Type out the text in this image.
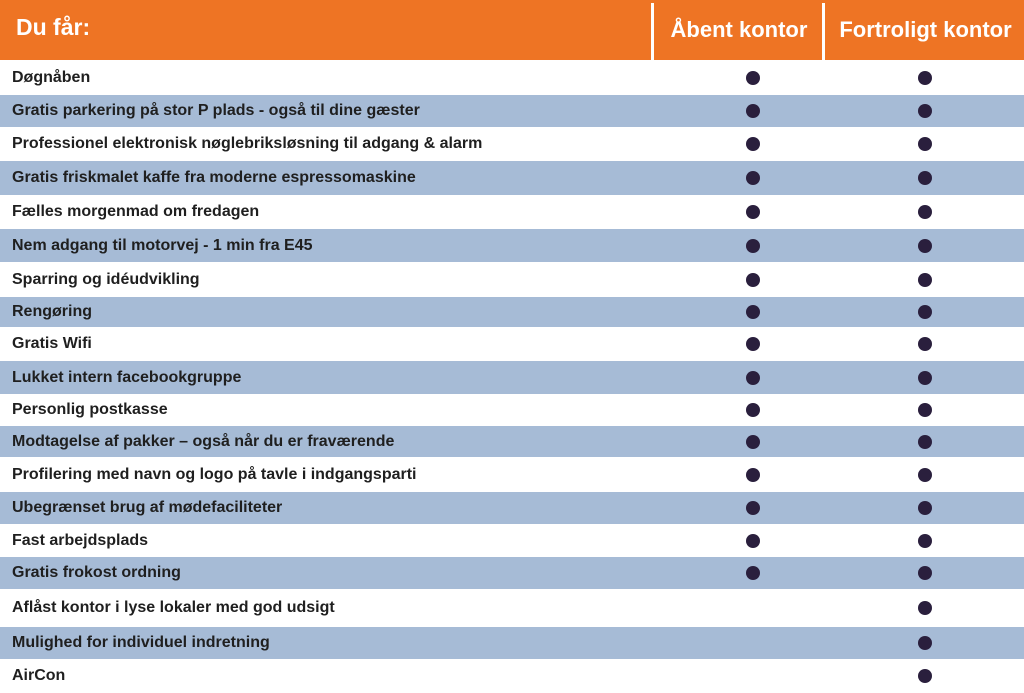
Du får:	Åbent kontor	Fortroligt kontor
Døgnåben
Gratis parkering på stor P plads - også til dine gæster
Professionel elektronisk nøglebriksløsning til adgang & alarm
Gratis friskmalet kaffe fra moderne espressomaskine
Fælles morgenmad om fredagen
Nem adgang til motorvej - 1 min fra E45
Sparring og idéudvikling
Rengøring
Gratis Wifi
Lukket intern facebookgruppe
Personlig postkasse
Modtagelse af pakker – også når du er fraværende
Profilering med navn og logo på tavle i indgangsparti
Ubegrænset brug af mødefaciliteter
Fast arbejdsplads
Gratis frokost ordning
Aflåst kontor i lyse lokaler med god udsigt
Mulighed for individuel indretning
AirCon
